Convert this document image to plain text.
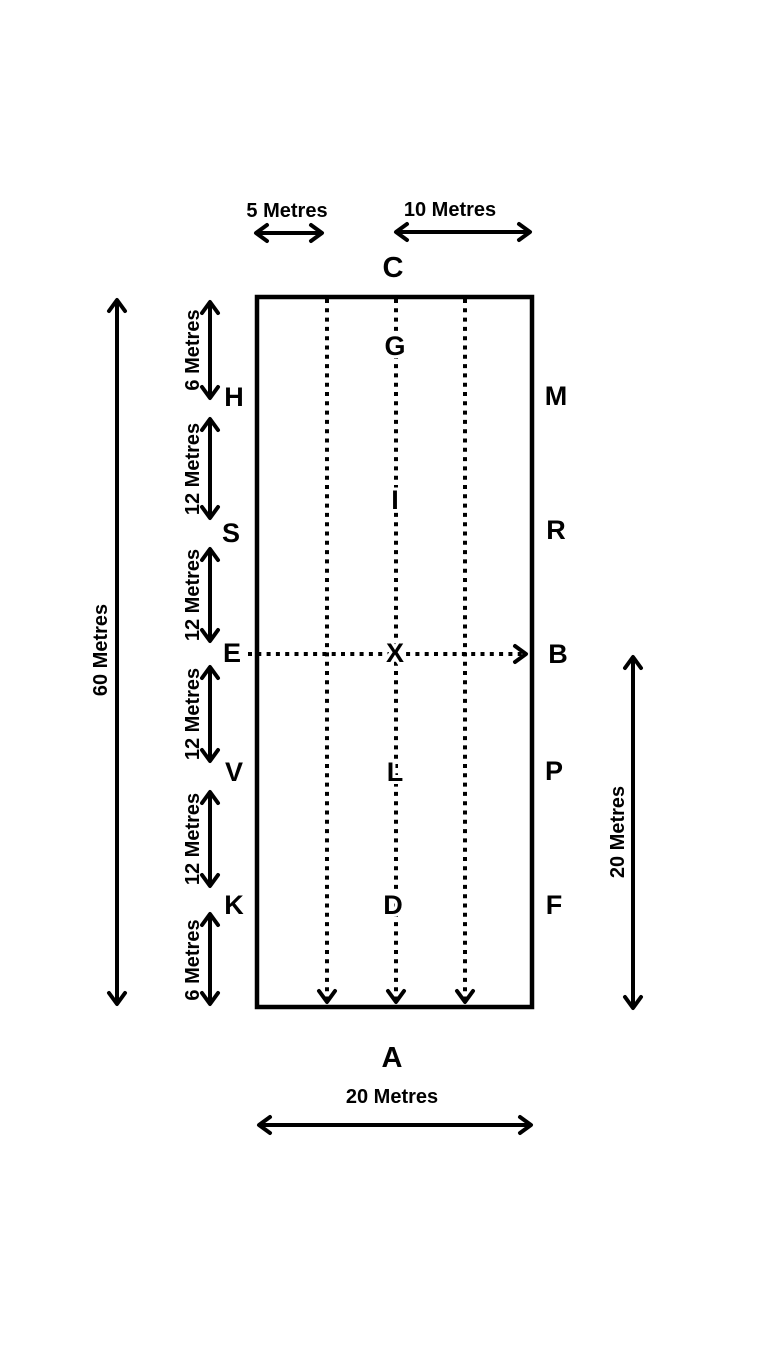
5 Metres	10 Metres
60 Metres
6 Metres
12 Metres
12 Metres
12 Metres
12 Metres
6 Metres
20 Metres
20 Metres
C
A
H
S
E
V
K
M
R
B
P
F
G
I
X
L
D
